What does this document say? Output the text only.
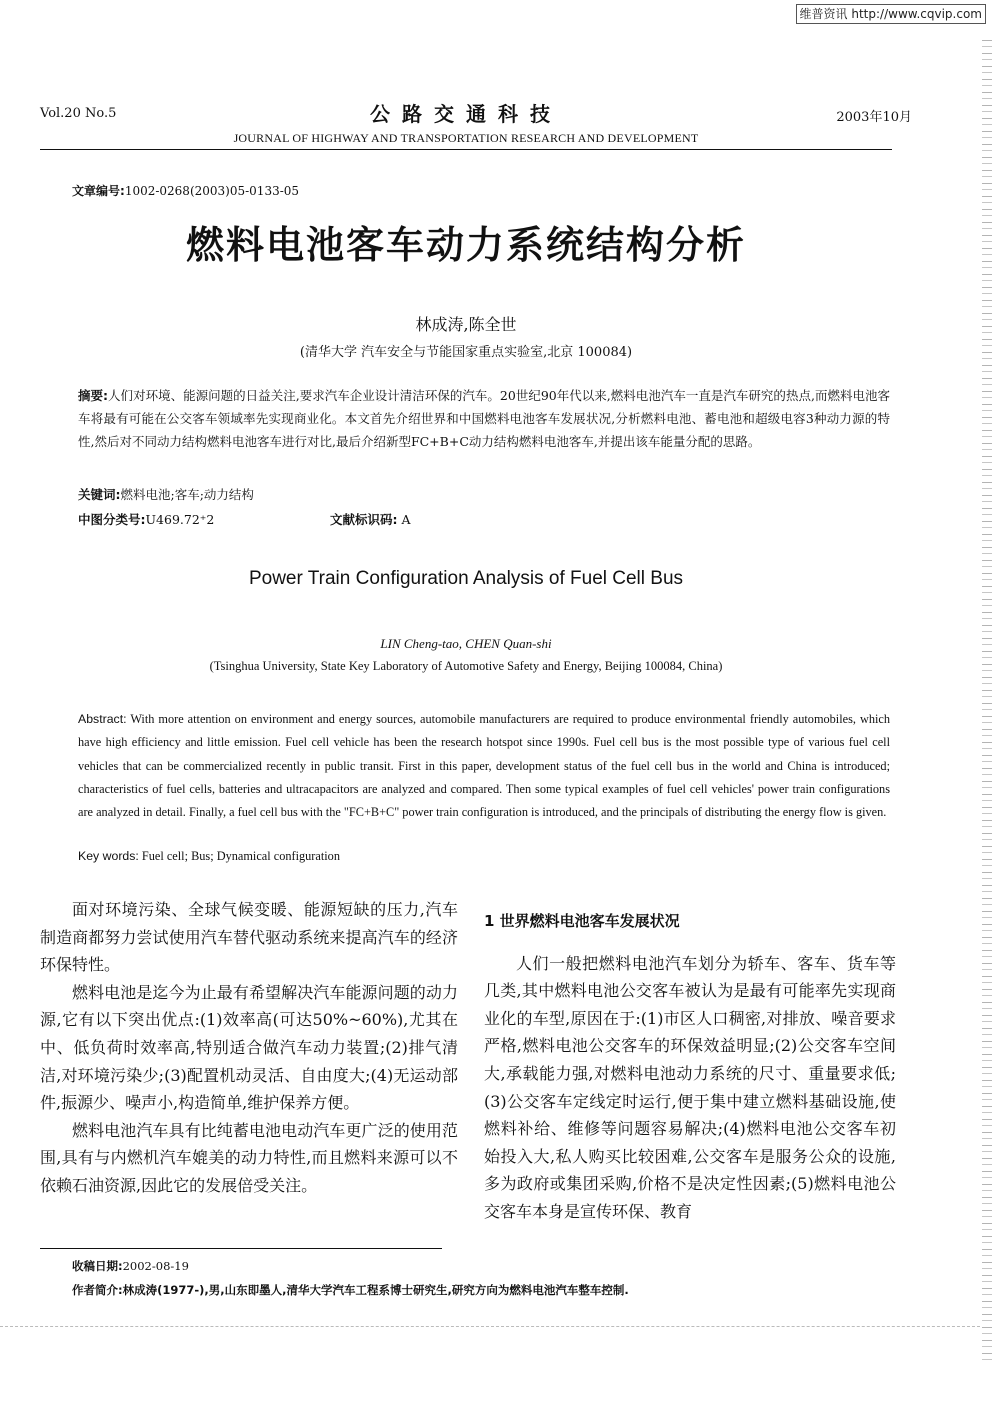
维普资讯 http://www.cqvip.com
Vol.20 No.5	公路交通科技	2003年10月
JOURNAL OF HIGHWAY AND TRANSPORTATION RESEARCH AND DEVELOPMENT
文章编号:1002-0268(2003)05-0133-05
燃料电池客车动力系统结构分析
林成涛,陈全世
(清华大学 汽车安全与节能国家重点实验室,北京 100084)
摘要:人们对环境、能源问题的日益关注,要求汽车企业设计清洁环保的汽车。20世纪90年代以来,燃料电池汽车一直是汽车研究的热点,而燃料电池客车将最有可能在公交客车领域率先实现商业化。本文首先介绍世界和中国燃料电池客车发展状况,分析燃料电池、蓄电池和超级电容3种动力源的特性,然后对不同动力结构燃料电池客车进行对比,最后介绍新型FC+B+C动力结构燃料电池客车,并提出该车能量分配的思路。
关键词:燃料电池;客车;动力结构
中图分类号:U469.72⁺2	文献标识码: A
Power Train Configuration Analysis of Fuel Cell Bus
LIN Cheng-tao, CHEN Quan-shi
(Tsinghua University, State Key Laboratory of Automotive Safety and Energy, Beijing 100084, China)
Abstract: With more attention on environment and energy sources, automobile manufacturers are required to produce environmental friendly automobiles, which have high efficiency and little emission. Fuel cell vehicle has been the research hotspot since 1990s. Fuel cell bus is the most possible type of various fuel cell vehicles that can be commercialized recently in public transit. First in this paper, development status of the fuel cell bus in the world and China is introduced; characteristics of fuel cells, batteries and ultracapacitors are analyzed and compared. Then some typical examples of fuel cell vehicles' power train configurations are analyzed in detail. Finally, a fuel cell bus with the "FC+B+C" power train configuration is introduced, and the principals of distributing the energy flow is given.
Key words: Fuel cell; Bus; Dynamical configuration

面对环境污染、全球气候变暖、能源短缺的压力,汽车制造商都努力尝试使用汽车替代驱动系统来提高汽车的经济环保特性。

燃料电池是迄今为止最有希望解决汽车能源问题的动力源,它有以下突出优点:(1)效率高(可达50%~60%),尤其在中、低负荷时效率高,特别适合做汽车动力装置;(2)排气清洁,对环境污染少;(3)配置机动灵活、自由度大;(4)无运动部件,振源少、噪声小,构造简单,维护保养方便。

燃料电池汽车具有比纯蓄电池电动汽车更广泛的使用范围,具有与内燃机汽车媲美的动力特性,而且燃料来源可以不依赖石油资源,因此它的发展倍受关注。

1 世界燃料电池客车发展状况

人们一般把燃料电池汽车划分为轿车、客车、货车等几类,其中燃料电池公交客车被认为是最有可能率先实现商业化的车型,原因在于:(1)市区人口稠密,对排放、噪音要求严格,燃料电池公交客车的环保效益明显;(2)公交客车空间大,承载能力强,对燃料电池动力系统的尺寸、重量要求低;(3)公交客车定线定时运行,便于集中建立燃料基础设施,使燃料补给、维修等问题容易解决;(4)燃料电池公交客车初始投入大,私人购买比较困难,公交客车是服务公众的设施,多为政府或集团采购,价格不是决定性因素;(5)燃料电池公交客车本身是宣传环保、教育

收稿日期:2002-08-19
作者简介:林成涛(1977-),男,山东即墨人,清华大学汽车工程系博士研究生,研究方向为燃料电池汽车整车控制.
